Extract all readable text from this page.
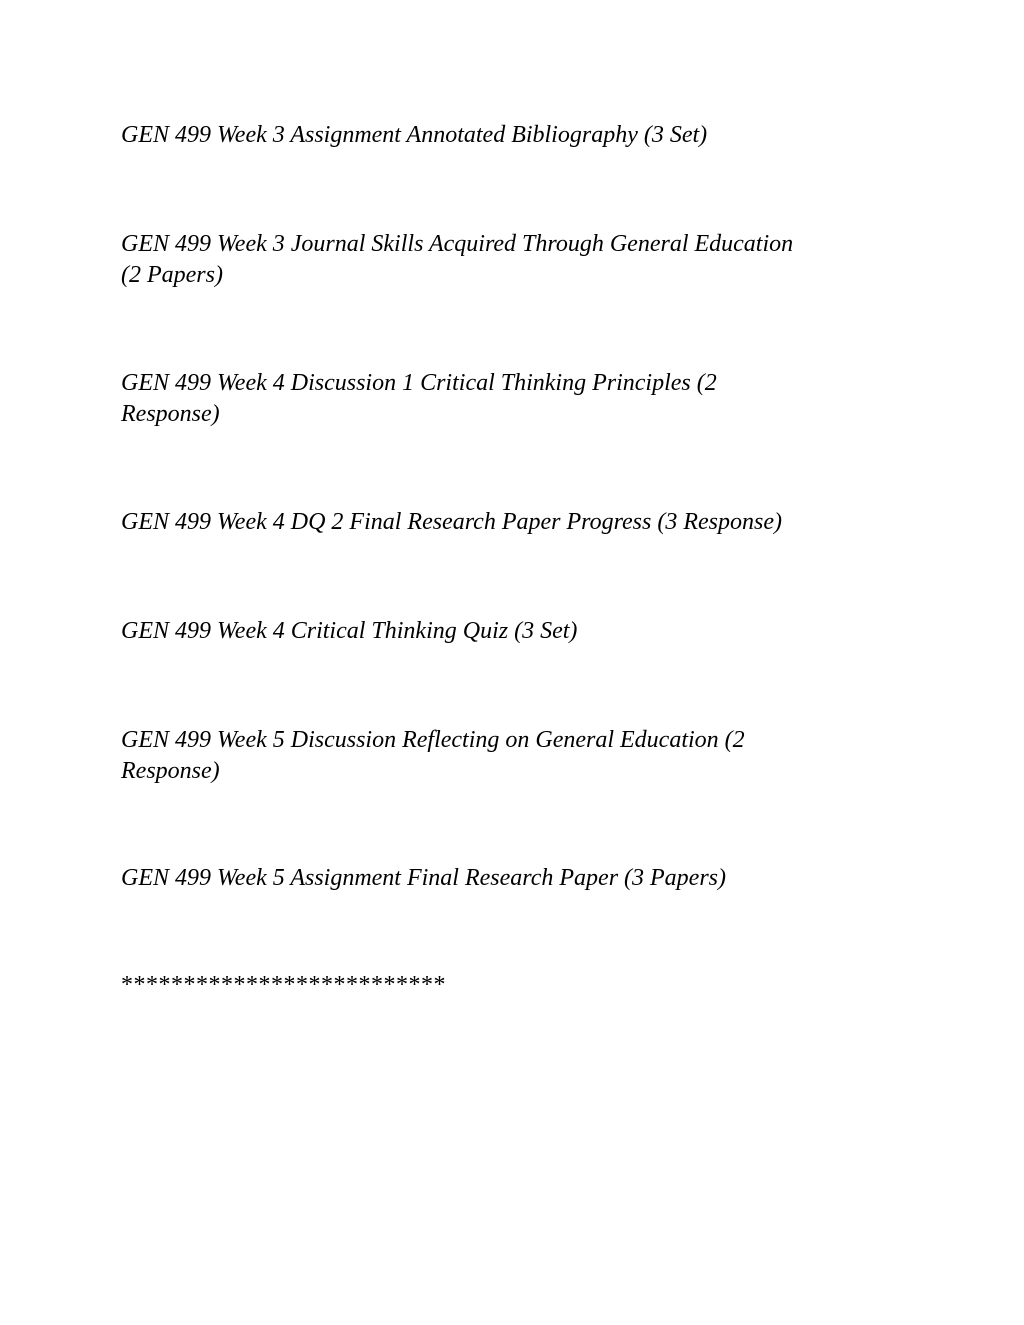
GEN 499 Week 3 Assignment Annotated Bibliography (3 Set)

GEN 499 Week 3 Journal Skills Acquired Through General Education
(2 Papers)

GEN 499 Week 4 Discussion 1 Critical Thinking Principles (2
Response)

GEN 499 Week 4 DQ 2 Final Research Paper Progress (3 Response)

GEN 499 Week 4 Critical Thinking Quiz (3 Set)

GEN 499 Week 5 Discussion Reflecting on General Education (2
Response)

GEN 499 Week 5 Assignment Final Research Paper (3 Papers)

**************************
